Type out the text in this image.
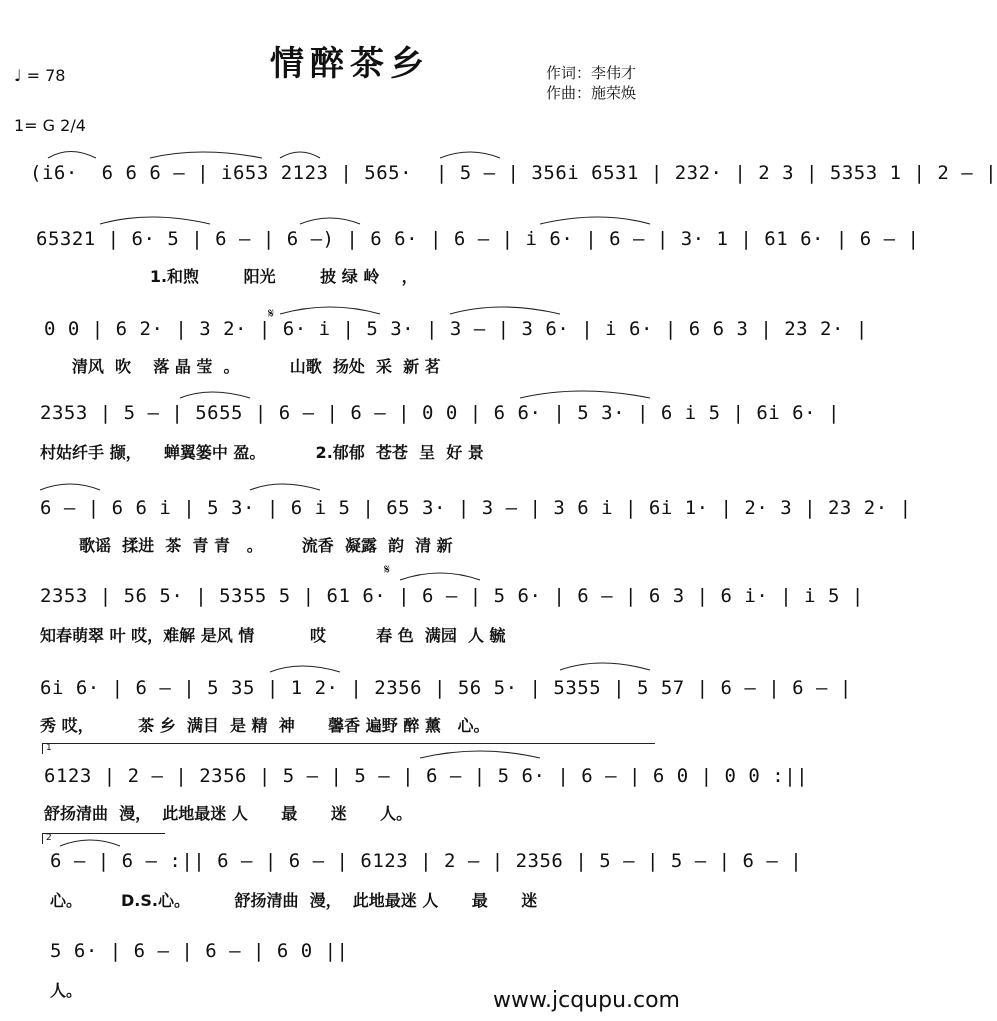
情醉茶乡	作词：李伟才
作曲：施荣焕
♩ = 78
1= G 2/4
(i6·  6 6 6 – | i653 2123 | 565·  | 5 – | 356i 6531 | 232· | 2 3 | 5353 1 | 2 – |
65321 | 6· 5 | 6 – | 6 –) | 6 6· | 6 – | i 6· | 6 – | 3· 1 | 61 6· | 6 – |
1.和煦        阳光        披 绿 岭    ，
0 0 | 6 2· | 3 2· | 6· i | 5 3· | 3 – | 3 6· | i 6· | 6 6 3 | 23 2· |
清风  吹    落 晶 莹  。         山歌  扬处  采  新 茗
2353 | 5 – | 5655 | 6 – | 6 – | 0 0 | 6 6· | 5 3· | 6 i 5 | 6i 6· |
村姑纤手 撷，    蝉翼篓中 盈。         2.郁郁  苍苍  呈  好 景
6 – | 6 6 i | 5 3· | 6 i 5 | 65 3· | 3 – | 3 6 i | 6i 1· | 2· 3 | 23 2· |
歌谣  揉进  茶  青 青   。       流香  凝露  韵  清 新
2353 | 56 5· | 5355 5 | 61 6· | 6 – | 5 6· | 6 – | 6 3 | 6 i· | i 5 |
知春萌翠 叶 哎，难解 是风 情          哎         春 色  满园  人 毓
6i 6· | 6 – | 5 35 | 1 2· | 2356 | 56 5· | 5355 | 5 57 | 6 – | 6 – |
秀 哎，        茶 乡  满目  是 精  神      馨香 遍野 醉 薰   心。
6123 | 2 – | 2356 | 5 – | 5 – | 6 – | 5 6· | 6 – | 6 0 | 0 0 :||
舒扬清曲  漫，  此地最迷 人      最      迷      人。
6 – | 6 – :|| 6 – | 6 – | 6123 | 2 – | 2356 | 5 – | 5 – | 6 – |
心。       D.S.心。        舒扬清曲  漫，  此地最迷 人      最      迷
5 6· | 6 – | 6 – | 6 0 ||
人。
1
2
𝄋
𝄋
www.jcqupu.com
